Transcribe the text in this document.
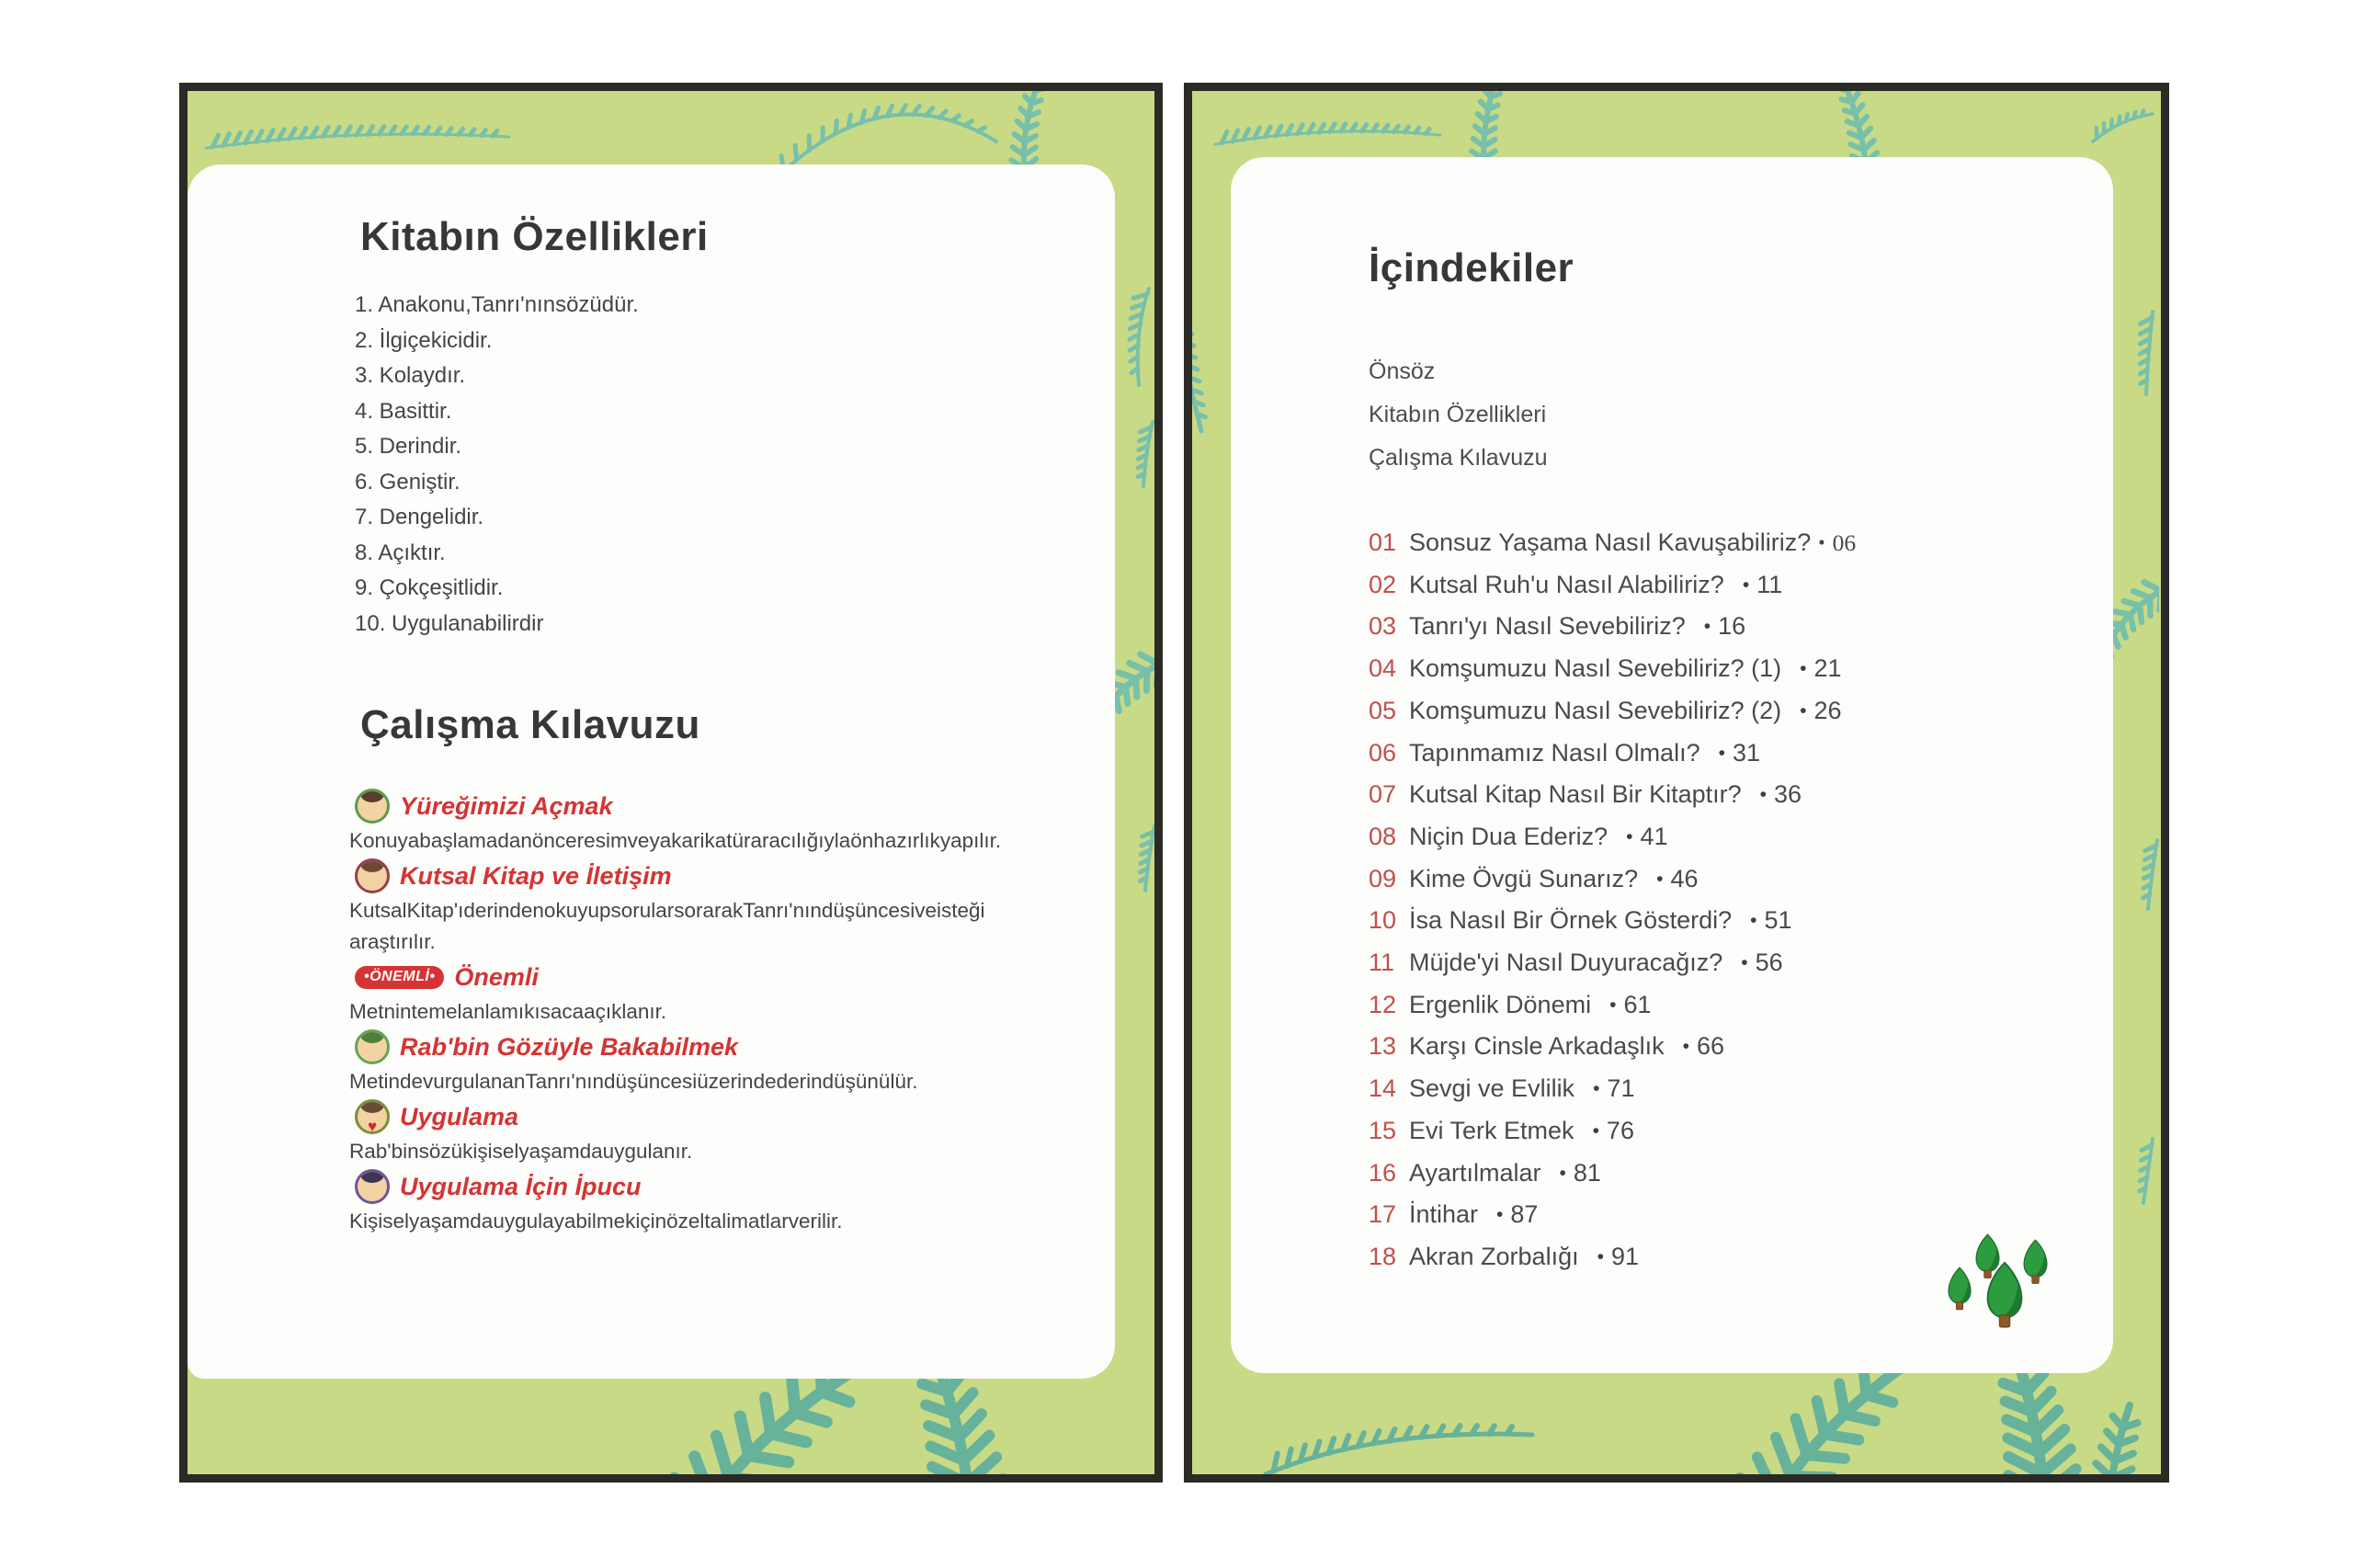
Kitabın Özellikleri
1. Anakonu,Tanrı'nınsözüdür.
2. İlgiçekicidir.
3. Kolaydır.
4. Basittir.
5. Derindir.
6. Geniştir.
7. Dengelidir.
8. Açıktır.
9. Çokçeşitlidir.
10. Uygulanabilirdir
Çalışma Kılavuzu
Yüreğimizi Açmak
Konuyabaşlamadanönceresimveyakarikatüraracılığıylaönhazırlıkyapılır.
Kutsal Kitap ve İletişim
KutsalKitap'ıderindenokuyupsorularsorarakTanrı'nındüşüncesiveisteği araştırılır.
•ÖNEMLİ• Önemli
Metnintemelanlamıkısacaaçıklanır.
Rab'bin Gözüyle Bakabilmek
MetindevurgulananTanrı'nındüşüncesiüzerindederindüşünülür.
♥
Uygulama
Rab'binsözükişiselyaşamdauygulanır.
Uygulama İçin İpucu
Kişiselyaşamdauygulayabilmekiçinözeltalimatlarverilir.
İçindekiler
Önsöz
Kitabın Özellikleri
Çalışma Kılavuzu
01 Sonsuz Yaşama Nasıl Kavuşabiliriz? • 06
02 Kutsal Ruh'u Nasıl Alabiliriz? • 11
03 Tanrı'yı Nasıl Sevebiliriz? • 16
04 Komşumuzu Nasıl Sevebiliriz? (1) • 21
05 Komşumuzu Nasıl Sevebiliriz? (2) • 26
06 Tapınmamız Nasıl Olmalı? • 31
07 Kutsal Kitap Nasıl Bir Kitaptır? • 36
08 Niçin Dua Ederiz? • 41
09 Kime Övgü Sunarız? • 46
10 İsa Nasıl Bir Örnek Gösterdi? • 51
11 Müjde'yi Nasıl Duyuracağız? • 56
12 Ergenlik Dönemi • 61
13 Karşı Cinsle Arkadaşlık • 66
14 Sevgi ve Evlilik • 71
15 Evi Terk Etmek • 76
16 Ayartılmalar • 81
17 İntihar • 87
18 Akran Zorbalığı • 91
